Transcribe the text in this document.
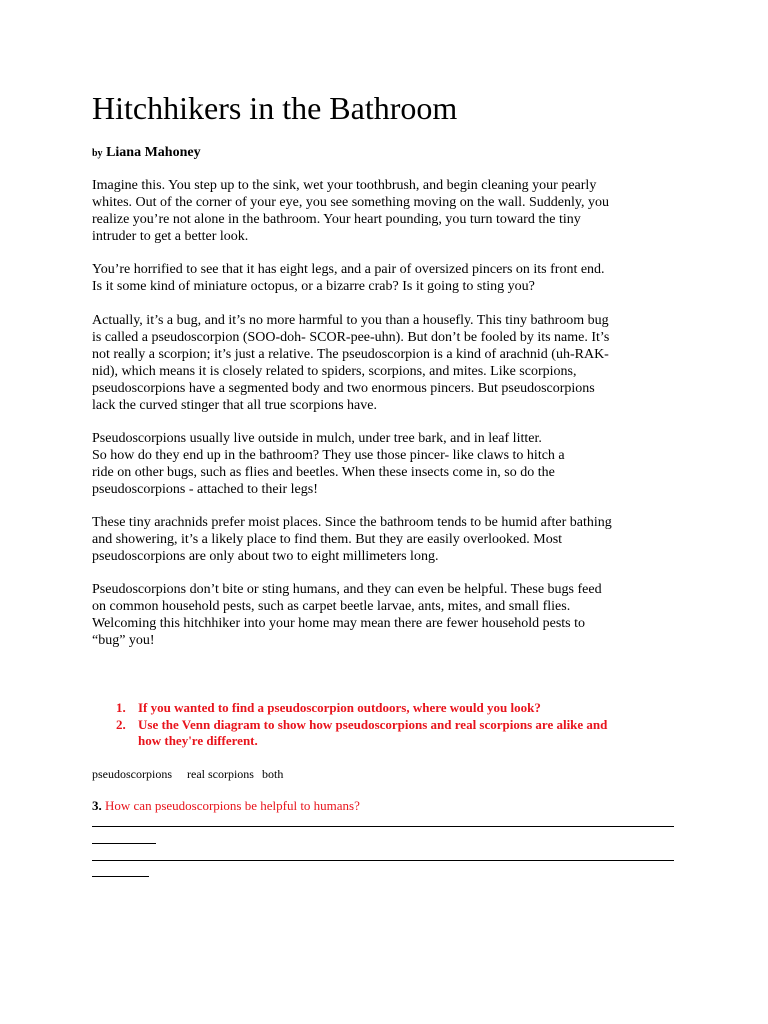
Hitchhikers in the Bathroom
by Liana Mahoney
Imagine this. You step up to the sink, wet your toothbrush, and begin cleaning your pearly
whites. Out of the corner of your eye, you see something moving on the wall. Suddenly, you
realize you’re not alone in the bathroom. Your heart pounding, you turn toward the tiny
intruder to get a better look.
You’re horrified to see that it has eight legs, and a pair of oversized pincers on its front end.
Is it some kind of miniature octopus, or a bizarre crab? Is it going to sting you?
Actually, it’s a bug, and it’s no more harmful to you than a housefly. This tiny bathroom bug
is called a pseudoscorpion (SOO-doh- SCOR-pee-uhn). But don’t be fooled by its name. It’s
not really a scorpion; it’s just a relative. The pseudoscorpion is a kind of arachnid (uh-RAK-
nid), which means it is closely related to spiders, scorpions, and mites. Like scorpions,
pseudoscorpions have a segmented body and two enormous pincers. But pseudoscorpions
lack the curved stinger that all true scorpions have.
Pseudoscorpions usually live outside in mulch, under tree bark, and in leaf litter.
So how do they end up in the bathroom? They use those pincer- like claws to hitch a
ride on other bugs, such as flies and beetles. When these insects come in, so do the
pseudoscorpions - attached to their legs!
These tiny arachnids prefer moist places. Since the bathroom tends to be humid after bathing
and showering, it’s a likely place to find them. But they are easily overlooked. Most
pseudoscorpions are only about two to eight millimeters long.
Pseudoscorpions don’t bite or sting humans, and they can even be helpful. These bugs feed
on common household pests, such as carpet beetle larvae, ants, mites, and small flies.
Welcoming this hitchhiker into your home may mean there are fewer household pests to
“bug” you!
1. If you wanted to find a pseudoscorpion outdoors, where would you look?
2. Use the Venn diagram to show how pseudoscorpions and real scorpions are alike and
how they're different.
pseudoscorpions real scorpions both
3. How can pseudoscorpions be helpful to humans?
